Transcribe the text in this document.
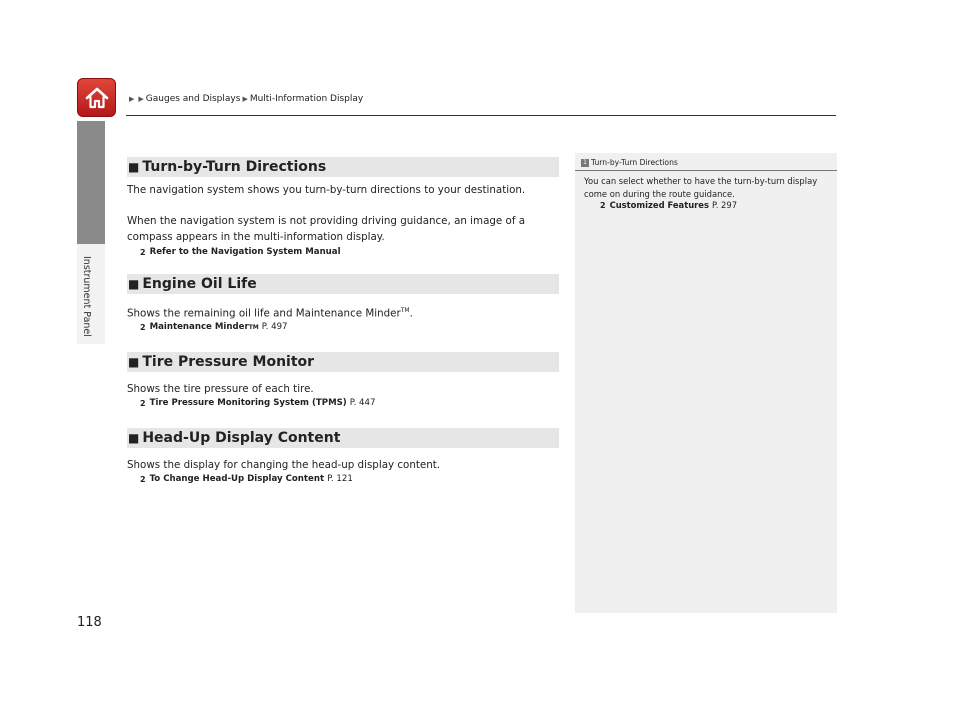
▶ ▶ Gauges and Displays ▶ Multi-Information Display
Instrument Panel
■ Turn-by-Turn Directions

The navigation system shows you turn-by-turn directions to your destination.

When the navigation system is not providing driving guidance, an image of a compass appears in the multi-information display.

2 Refer to the Navigation System Manual
■ Engine Oil Life

Shows the remaining oil life and Maintenance Minder™.

2 Maintenance Minder TM P. 497
■ Tire Pressure Monitor

Shows the tire pressure of each tire.

2 Tire Pressure Monitoring System (TPMS) P. 447
■ Head-Up Display Content

Shows the display for changing the head-up display content.

2 To Change Head-Up Display Content P. 121
1 Turn-by-Turn Directions

You can select whether to have the turn-by-turn display come on during the route guidance.

2 Customized Features P. 297
118
